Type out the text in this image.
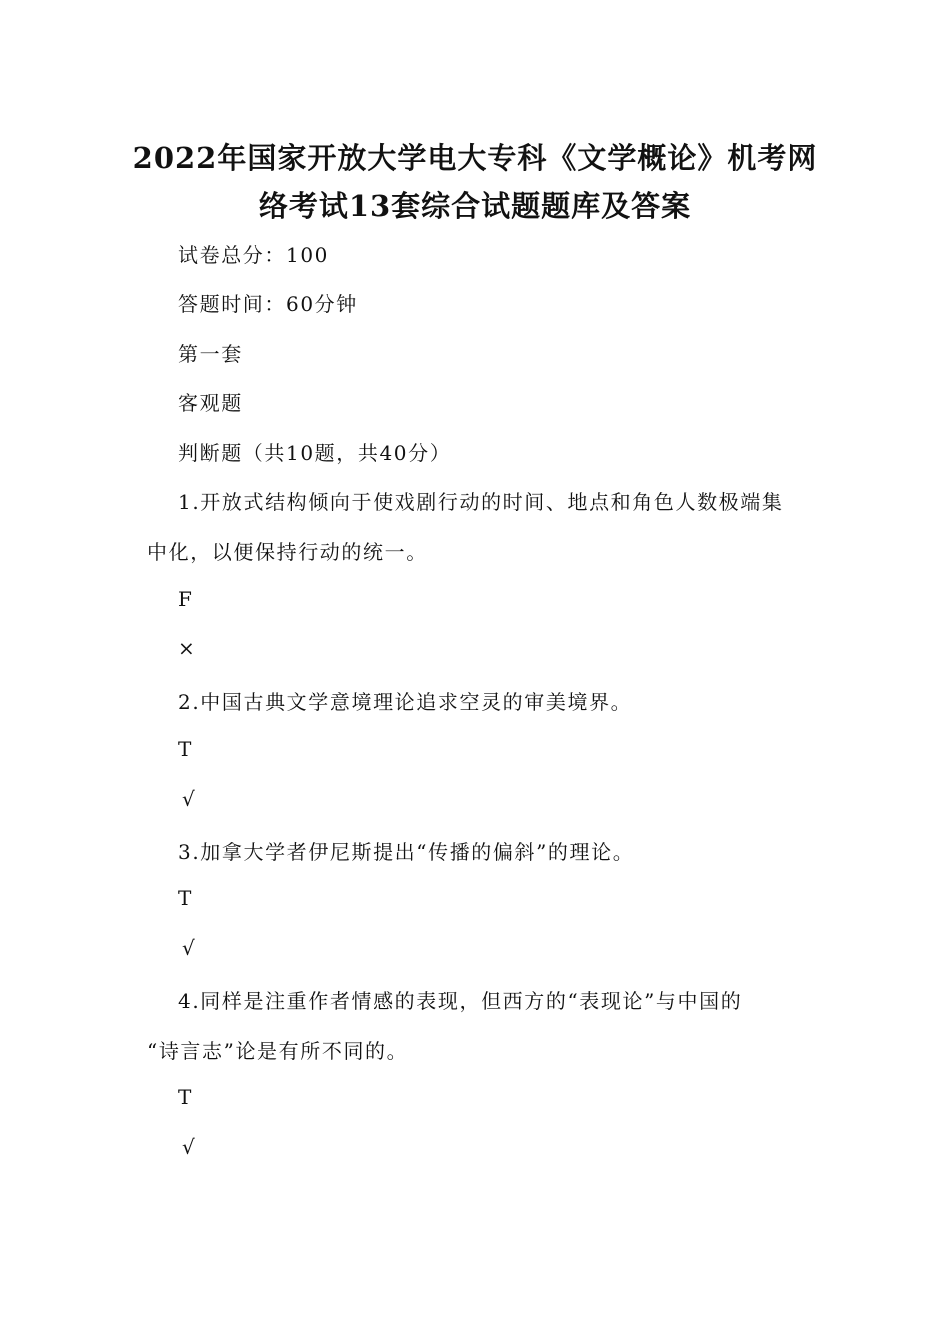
2022年国家开放大学电大专科《文学概论》机考网
络考试13套综合试题题库及答案
试卷总分：100
答题时间：60分钟
第一套
客观题
判断题（共10题，共40分）
1.开放式结构倾向于使戏剧行动的时间、地点和角色人数极端集
中化，以便保持行动的统一。
F
×
2.中国古典文学意境理论追求空灵的审美境界。
T
√
3.加拿大学者伊尼斯提出“传播的偏斜”的理论。
T
√
4.同样是注重作者情感的表现，但西方的“表现论”与中国的
“诗言志”论是有所不同的。
T
√
